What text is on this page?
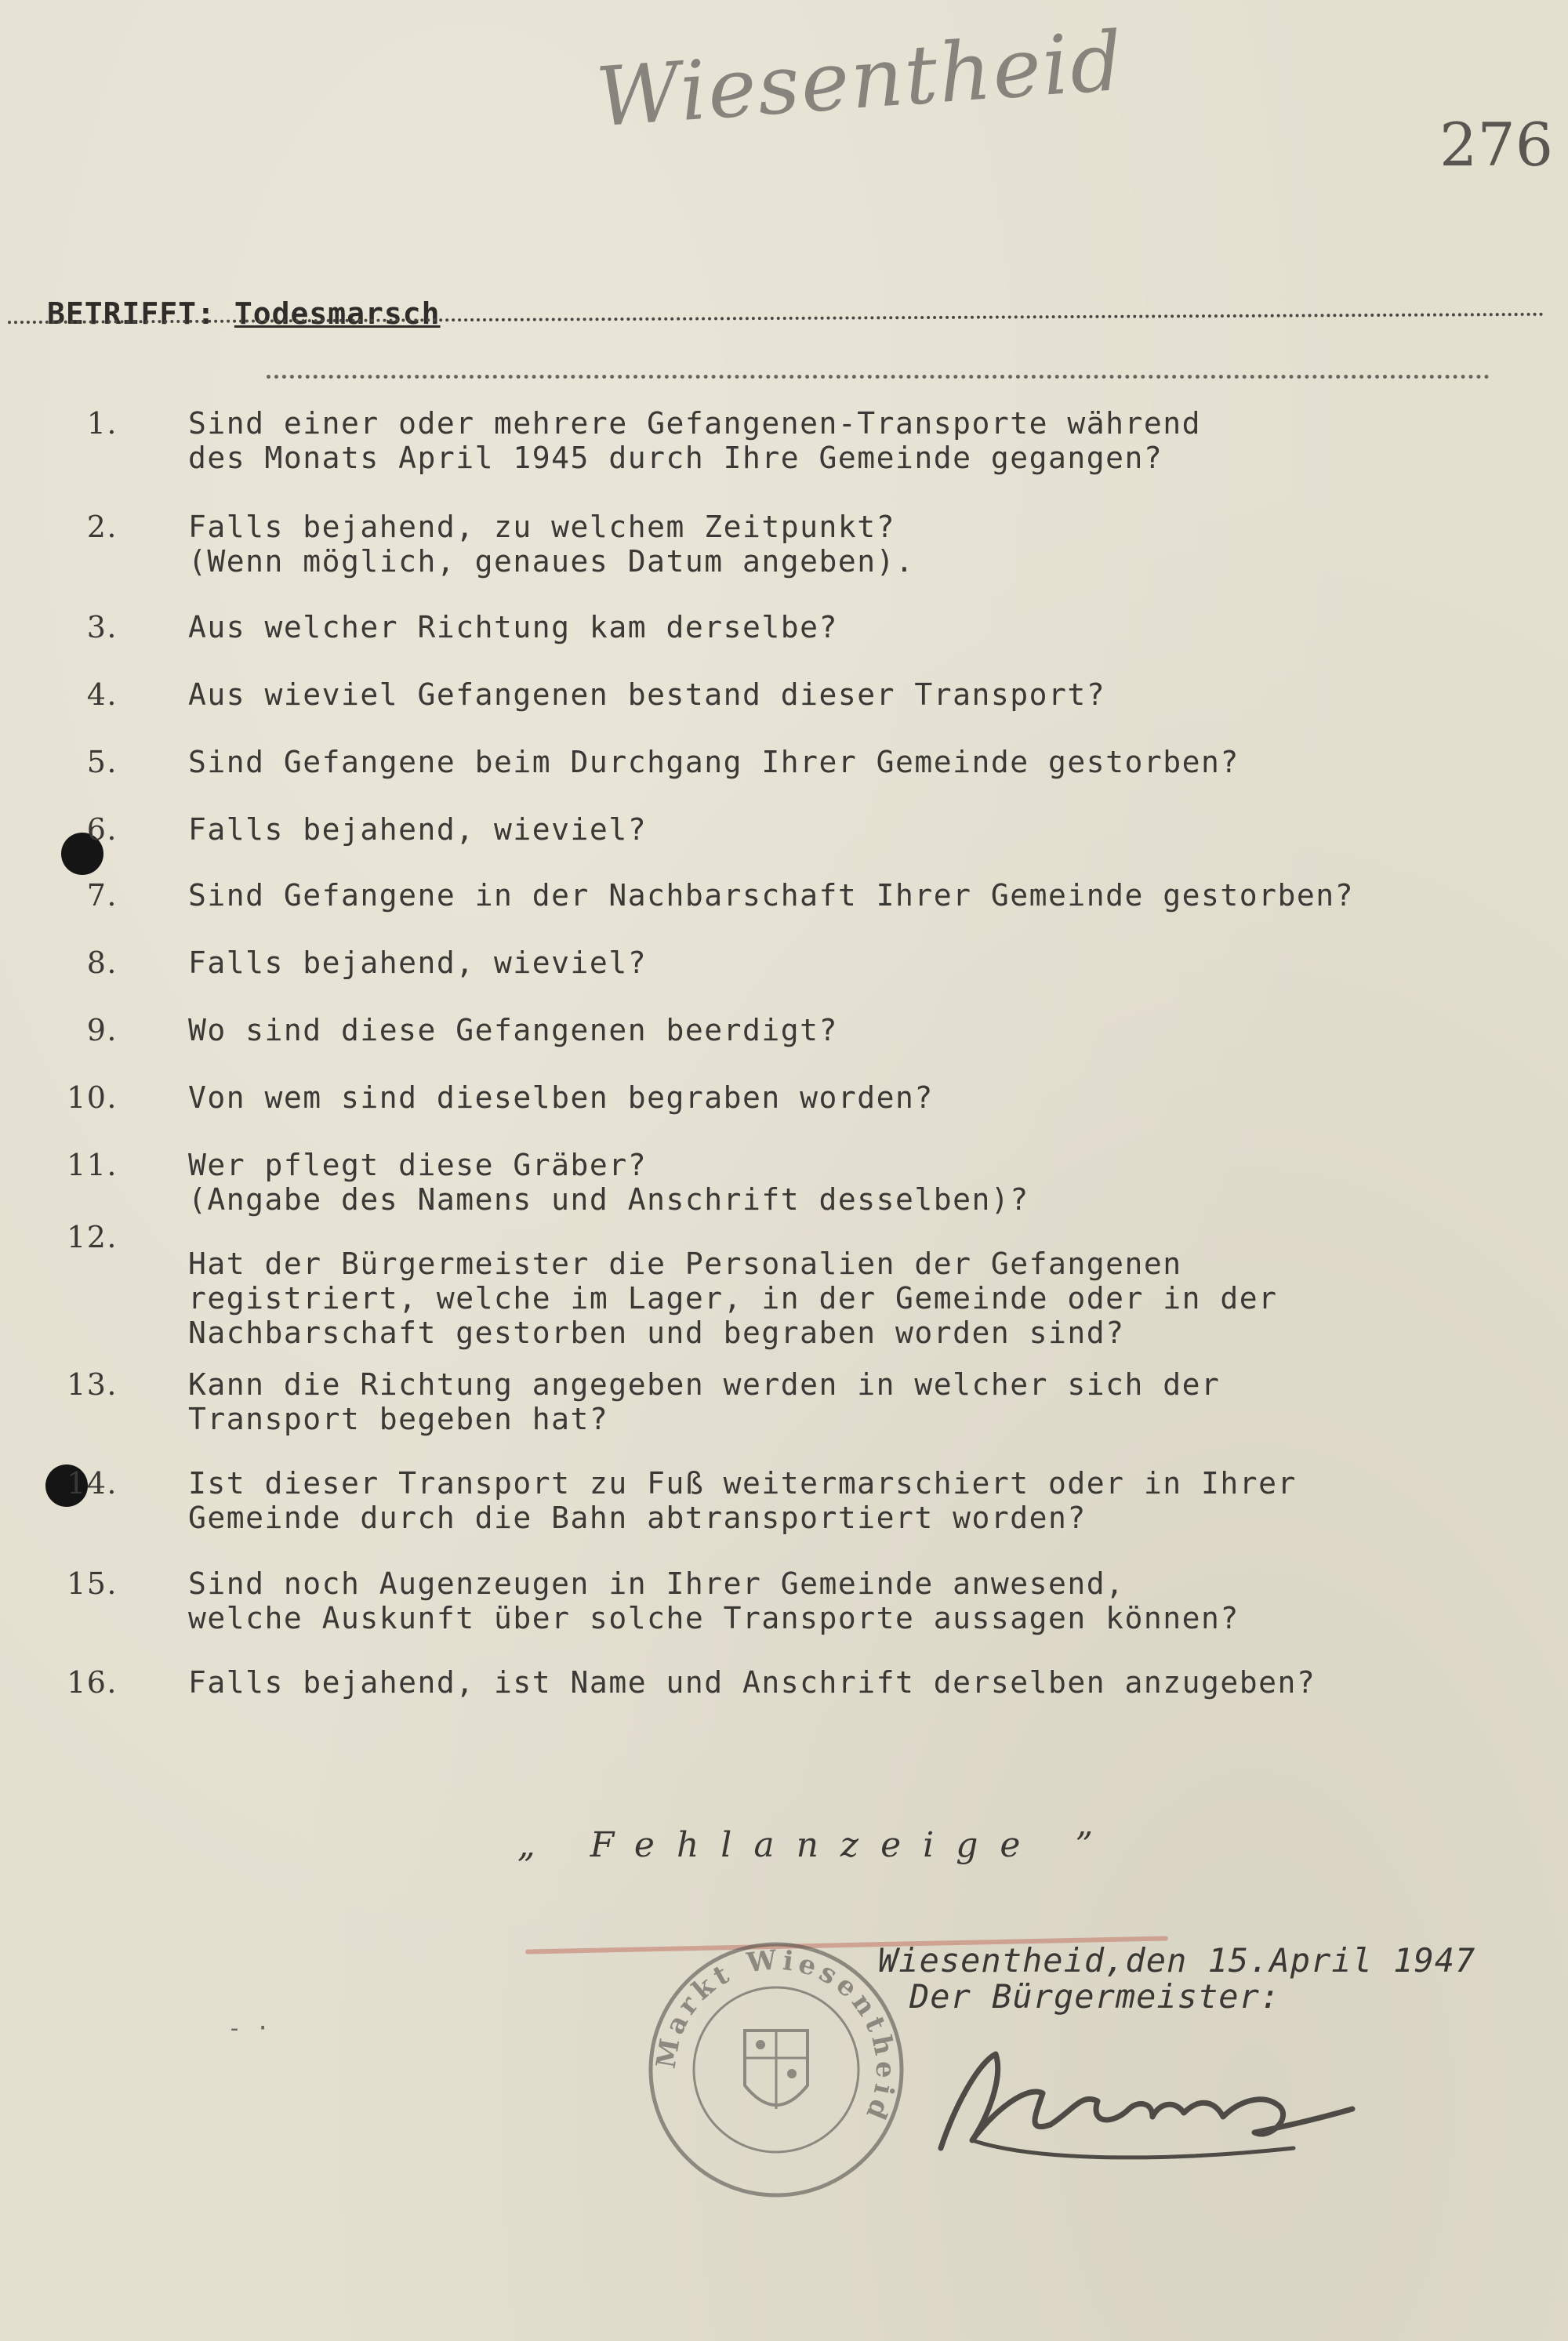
Wiesentheid	276
BETRIFFT: Todesmarsch
1. Sind einer oder mehrere Gefangenen-Transporte während
des Monats April 1945 durch Ihre Gemeinde gegangen?
2. Falls bejahend, zu welchem Zeitpunkt?
(Wenn möglich, genaues Datum angeben).
3. Aus welcher Richtung kam derselbe?
4. Aus wieviel Gefangenen bestand dieser Transport?
5. Sind Gefangene beim Durchgang Ihrer Gemeinde gestorben?
6. Falls bejahend, wieviel?
7. Sind Gefangene in der Nachbarschaft Ihrer Gemeinde gestorben?
8. Falls bejahend, wieviel?
9. Wo sind diese Gefangenen beerdigt?
10. Von wem sind dieselben begraben worden?
11. Wer pflegt diese Gräber?
(Angabe des Namens und Anschrift desselben)?
12.
Hat der Bürgermeister die Personalien der Gefangenen
registriert, welche im Lager, in der Gemeinde oder in der
Nachbarschaft gestorben und begraben worden sind?
13. Kann die Richtung angegeben werden in welcher sich der
Transport begeben hat?
14. Ist dieser Transport zu Fuß weitermarschiert oder in Ihrer
Gemeinde durch die Bahn abtransportiert worden?
15. Sind noch Augenzeugen in Ihrer Gemeinde anwesend,
welche Auskunft über solche Transporte aussagen können?
16. Falls bejahend, ist Name und Anschrift derselben anzugeben?
„ Fehlanzeige ”
Markt Wiesentheid
Wiesentheid,den 15.April 1947
Der Bürgermeister:
- ·
